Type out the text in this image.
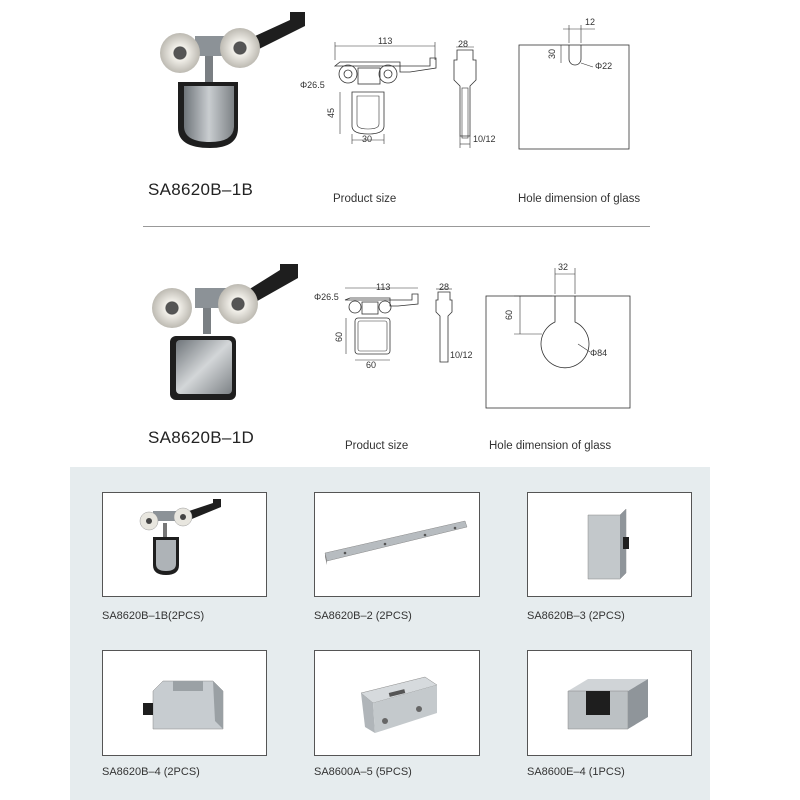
SA8620B–1B
113	28
Φ26.5
45
30	10/12
Product size
12
30
Φ22
Hole dimension of glass
SA8620B–1D
113	28
Φ26.5
60
60
10/12
Product size
32
60
Φ84
Hole dimension of glass
SA8620B–1B(2PCS)	SA8620B–2 (2PCS)	SA8620B–3 (2PCS)
SA8620B–4 (2PCS)	SA8600A–5 (5PCS)	SA8600E–4 (1PCS)
